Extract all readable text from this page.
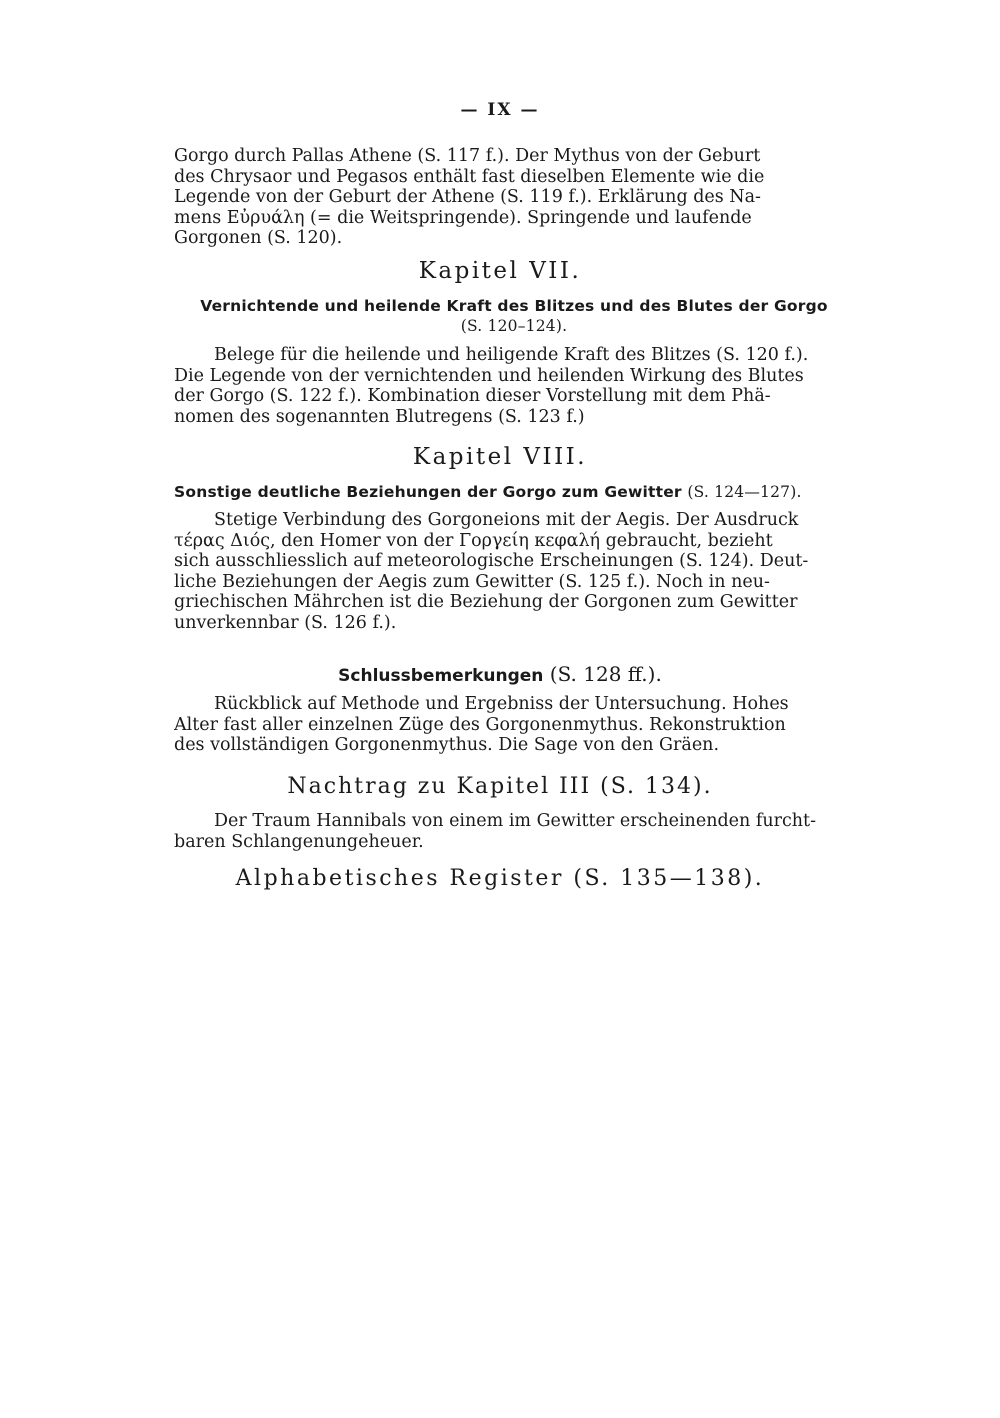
— IX —

Gorgo durch Pallas Athene (S. 117 f.). Der Mythus von der Geburt

des Chrysaor und Pegasos enthält fast dieselben Elemente wie die

Legende von der Geburt der Athene (S. 119 f.). Erklärung des Na-

mens Εὐρυάλη (= die Weitspringende). Springende und laufende

Gorgonen (S. 120).

Kapitel VII.
Vernichtende und heilende Kraft des Blitzes und des Blutes der Gorgo
(S. 120–124).

Belege für die heilende und heiligende Kraft des Blitzes (S. 120 f.).

Die Legende von der vernichtenden und heilenden Wirkung des Blutes

der Gorgo (S. 122 f.). Kombination dieser Vorstellung mit dem Phä-

nomen des sogenannten Blutregens (S. 123 f.)

Kapitel VIII.
Sonstige deutliche Beziehungen der Gorgo zum Gewitter (S. 124—127).

Stetige Verbindung des Gorgoneions mit der Aegis. Der Ausdruck

τέρας Διός, den Homer von der Γοργείη κεφαλή gebraucht, bezieht

sich ausschliesslich auf meteorologische Erscheinungen (S. 124). Deut-

liche Beziehungen der Aegis zum Gewitter (S. 125 f.). Noch in neu-

griechischen Mährchen ist die Beziehung der Gorgonen zum Gewitter

unverkennbar (S. 126 f.).

Schlussbemerkungen (S. 128 ff.).

Rückblick auf Methode und Ergebniss der Untersuchung. Hohes

Alter fast aller einzelnen Züge des Gorgonenmythus. Rekonstruktion

des vollständigen Gorgonenmythus. Die Sage von den Gräen.

Nachtrag zu Kapitel III (S. 134).

Der Traum Hannibals von einem im Gewitter erscheinenden furcht-

baren Schlangenungeheuer.

Alphabetisches Register (S. 135—138).
